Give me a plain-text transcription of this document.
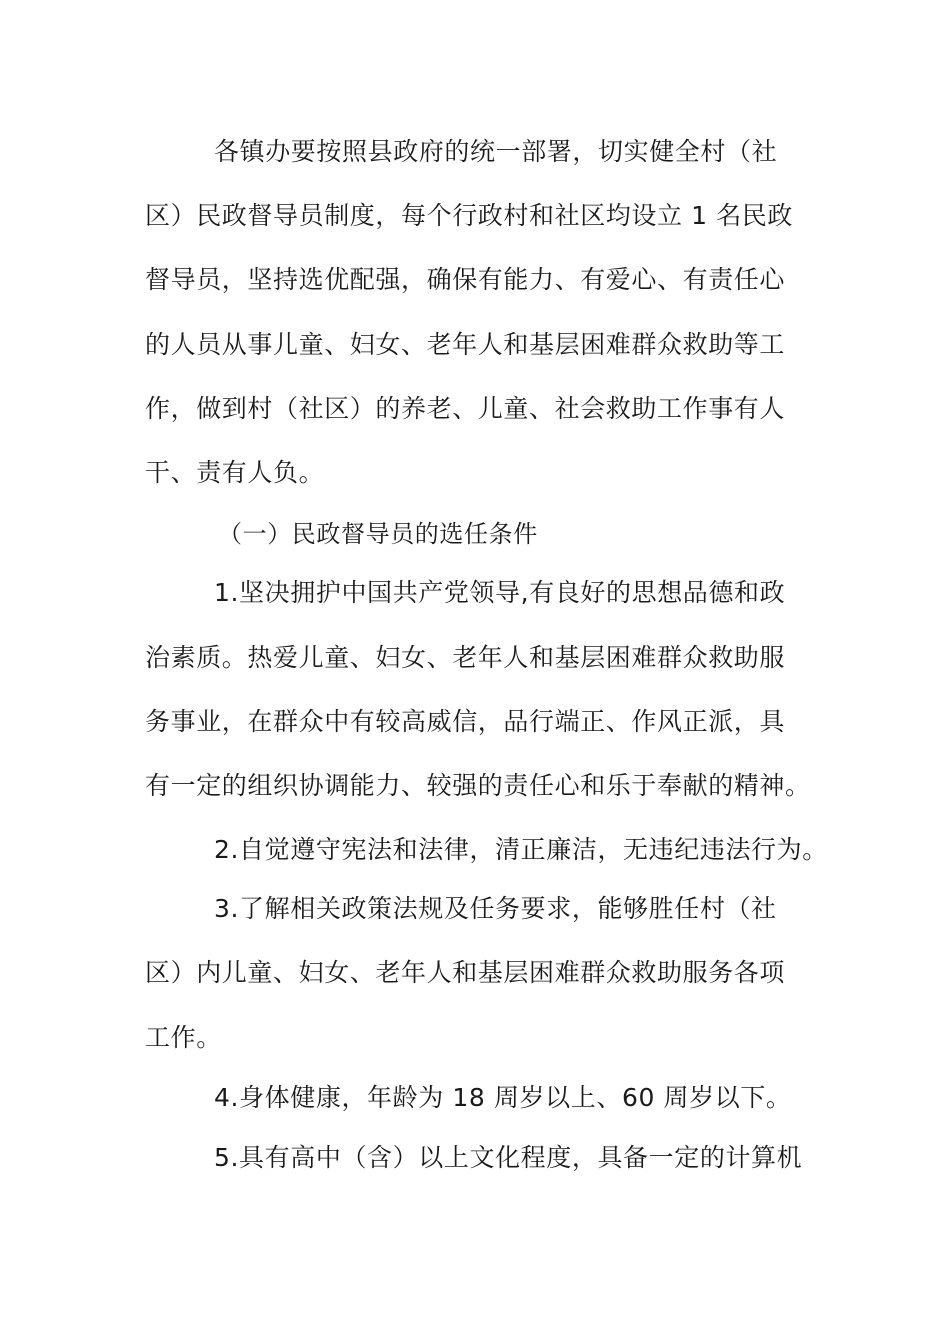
各镇办要按照县政府的统一部署，切实健全村（社
区）民政督导员制度，每个行政村和社区均设立 1 名民政
督导员，坚持选优配强，确保有能力、有爱心、有责任心
的人员从事儿童、妇女、老年人和基层困难群众救助等工
作，做到村（社区）的养老、儿童、社会救助工作事有人
干、责有人负。
（一）民政督导员的选任条件
1.坚决拥护中国共产党领导,有良好的思想品德和政
治素质。热爱儿童、妇女、老年人和基层困难群众救助服
务事业，在群众中有较高威信，品行端正、作风正派，具
有一定的组织协调能力、较强的责任心和乐于奉献的精神。
2.自觉遵守宪法和法律，清正廉洁，无违纪违法行为。
3.了解相关政策法规及任务要求，能够胜任村（社
区）内儿童、妇女、老年人和基层困难群众救助服务各项
工作。
4.身体健康，年龄为 18 周岁以上、60 周岁以下。
5.具有高中（含）以上文化程度，具备一定的计算机
